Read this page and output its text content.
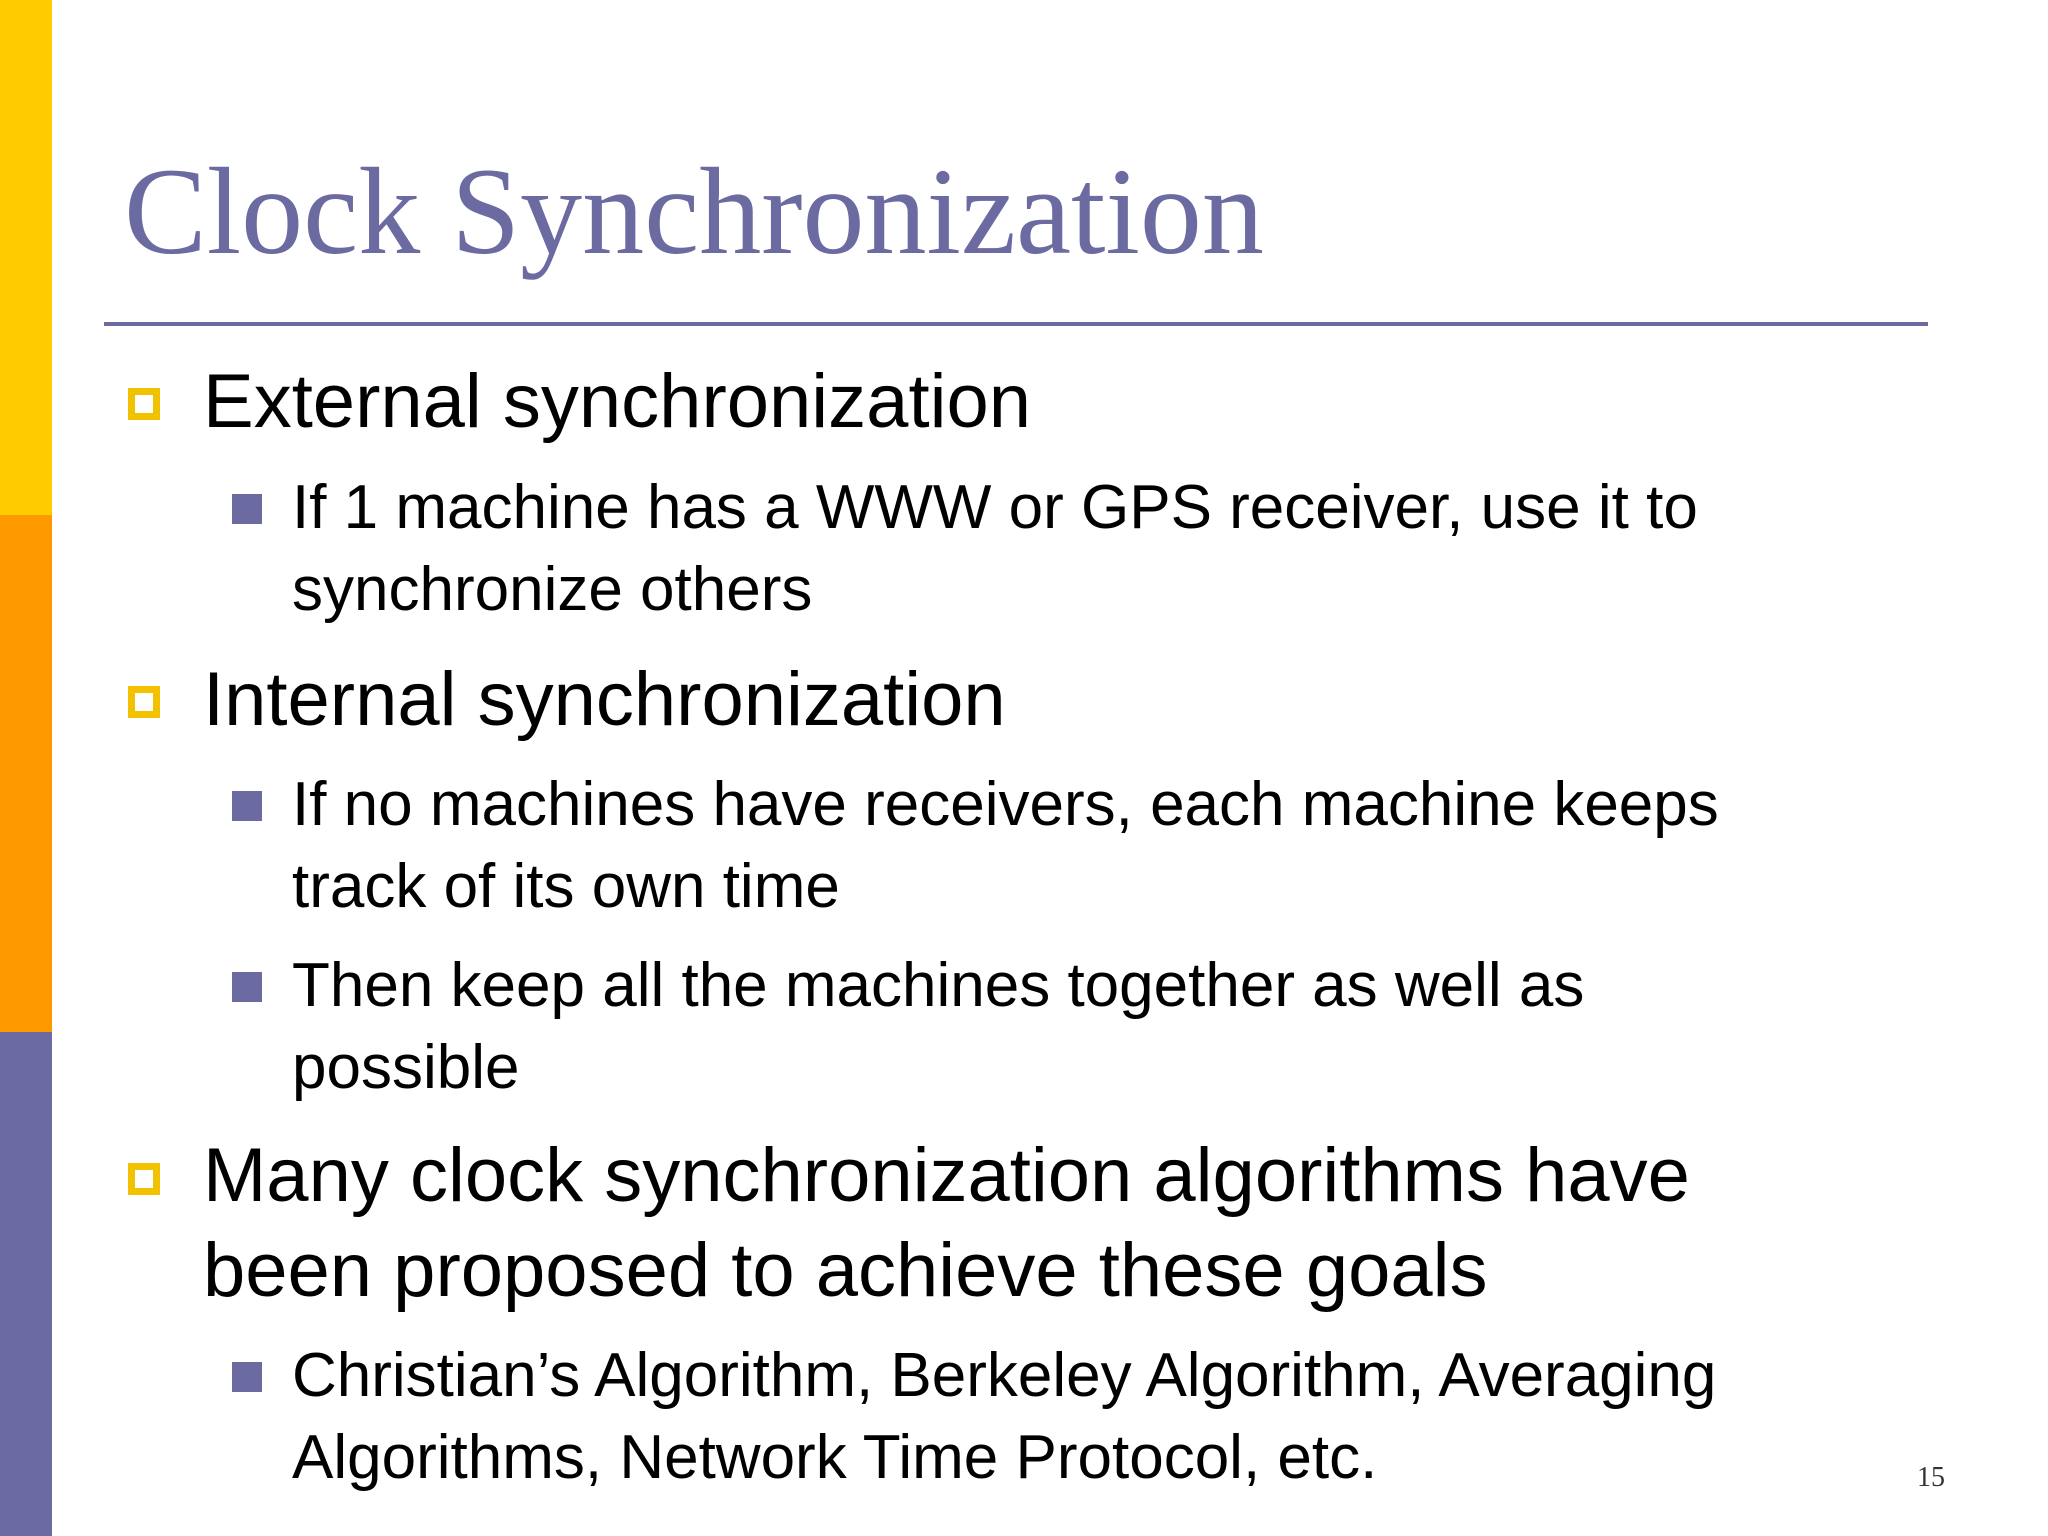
Clock Synchronization
External synchronization
If 1 machine has a WWW or GPS receiver, use it to
synchronize others
Internal synchronization
If no machines have receivers, each machine keeps
track of its own time
Then keep all the machines together as well as
possible
Many clock synchronization algorithms have
been proposed to achieve these goals
Christian’s Algorithm, Berkeley Algorithm, Averaging
Algorithms, Network Time Protocol, etc.	15
